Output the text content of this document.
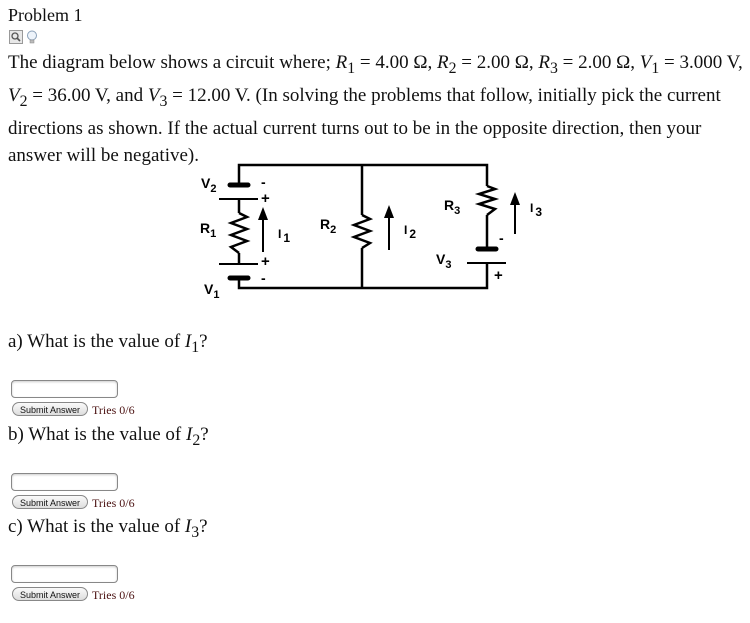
Problem 1
The diagram below shows a circuit where; $R_1 = 4.00$ Ω, $R_2 = 2.00$ Ω, $R_3 = 2.00$ Ω, $V_1 = 3.000$ V, $V_2 = 36.00$ V, and $V_3 = 12.00$ V. (In solving the problems that follow, initially pick the current directions as shown. If the actual current turns out to be in the opposite direction, then your answer will be negative).
$V_2$
$R_1$
$V_1$
$R_2$
$R_3$
$V_3$
I 1
I 2
I 3
-
+
+
-
-
+
a) What is the value of $I_1$?
Submit Answer Tries 0/6
b) What is the value of $I_2$?
Submit Answer Tries 0/6
c) What is the value of $I_3$?
Submit Answer Tries 0/6
